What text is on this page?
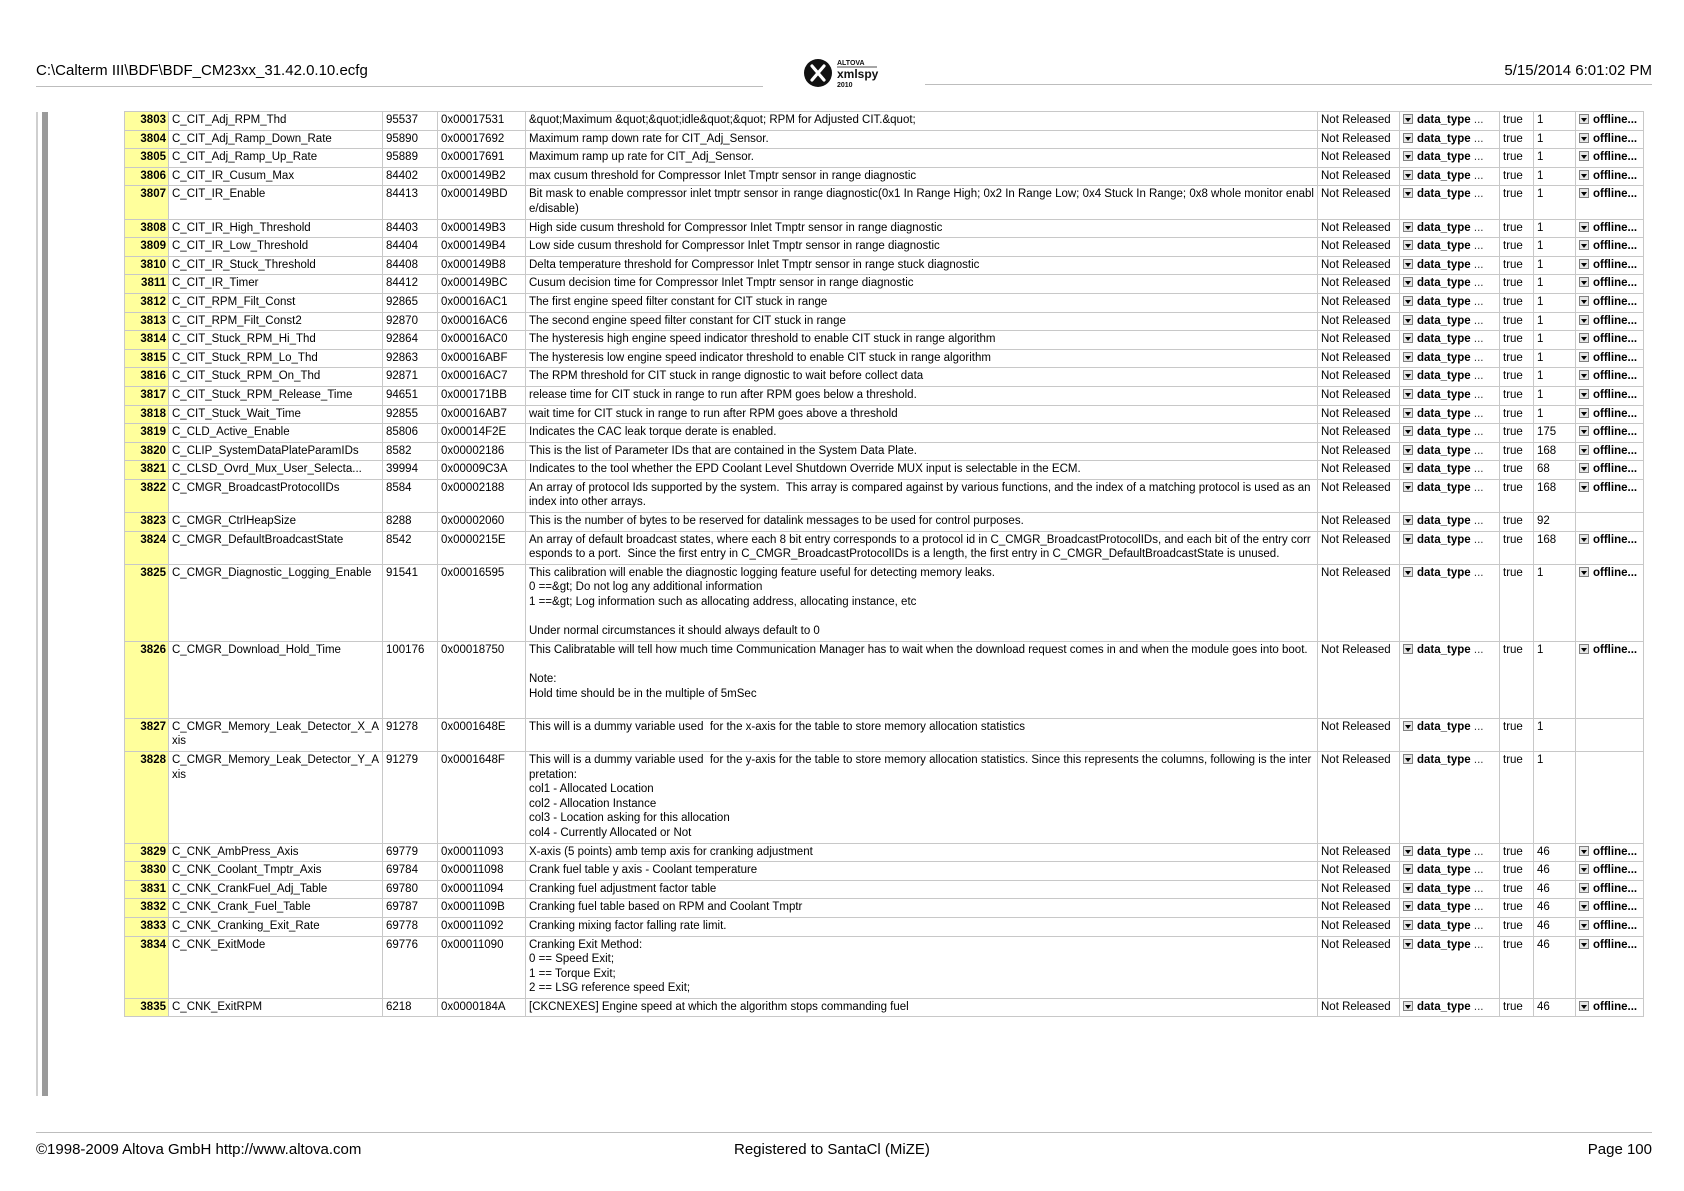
C:\Calterm III\BDF\BDF_CM23xx_31.42.0.10.ecfg	ALTOVA
xmlspy
2010
5/15/2014 6:01:02 PM
3803	C_CIT_Adj_RPM_Thd	95537	0x00017531	&quot;Maximum &quot;&quot;idle&quot;&quot; RPM for Adjusted CIT.&quot;	Not Released	data_type ...	true	1	offline...
3804	C_CIT_Adj_Ramp_Down_Rate	95890	0x00017692	Maximum ramp down rate for CIT_Adj_Sensor.	Not Released	data_type ...	true	1	offline...
3805	C_CIT_Adj_Ramp_Up_Rate	95889	0x00017691	Maximum ramp up rate for CIT_Adj_Sensor.	Not Released	data_type ...	true	1	offline...
3806	C_CIT_IR_Cusum_Max	84402	0x000149B2	max cusum threshold for Compressor Inlet Tmptr sensor in range diagnostic	Not Released	data_type ...	true	1	offline...
3807	C_CIT_IR_Enable	84413	0x000149BD	Bit mask to enable compressor inlet tmptr sensor in range diagnostic(0x1 In Range High; 0x2 In Range Low; 0x4 Stuck In Range; 0x8 whole monitor enable/disable)	Not Released	data_type ...	true	1	offline...
3808	C_CIT_IR_High_Threshold	84403	0x000149B3	High side cusum threshold for Compressor Inlet Tmptr sensor in range diagnostic	Not Released	data_type ...	true	1	offline...
3809	C_CIT_IR_Low_Threshold	84404	0x000149B4	Low side cusum threshold for Compressor Inlet Tmptr sensor in range diagnostic	Not Released	data_type ...	true	1	offline...
3810	C_CIT_IR_Stuck_Threshold	84408	0x000149B8	Delta temperature threshold for Compressor Inlet Tmptr sensor in range stuck diagnostic	Not Released	data_type ...	true	1	offline...
3811	C_CIT_IR_Timer	84412	0x000149BC	Cusum decision time for Compressor Inlet Tmptr sensor in range diagnostic	Not Released	data_type ...	true	1	offline...
3812	C_CIT_RPM_Filt_Const	92865	0x00016AC1	The first engine speed filter constant for CIT stuck in range	Not Released	data_type ...	true	1	offline...
3813	C_CIT_RPM_Filt_Const2	92870	0x00016AC6	The second engine speed filter constant for CIT stuck in range	Not Released	data_type ...	true	1	offline...
3814	C_CIT_Stuck_RPM_Hi_Thd	92864	0x00016AC0	The hysteresis high engine speed indicator threshold to enable CIT stuck in range algorithm	Not Released	data_type ...	true	1	offline...
3815	C_CIT_Stuck_RPM_Lo_Thd	92863	0x00016ABF	The hysteresis low engine speed indicator threshold to enable CIT stuck in range algorithm	Not Released	data_type ...	true	1	offline...
3816	C_CIT_Stuck_RPM_On_Thd	92871	0x00016AC7	The RPM threshold for CIT stuck in range dignostic to wait before collect data	Not Released	data_type ...	true	1	offline...
3817	C_CIT_Stuck_RPM_Release_Time	94651	0x000171BB	release time for CIT stuck in range to run after RPM goes below a threshold.	Not Released	data_type ...	true	1	offline...
3818	C_CIT_Stuck_Wait_Time	92855	0x00016AB7	wait time for CIT stuck in range to run after RPM goes above a threshold	Not Released	data_type ...	true	1	offline...
3819	C_CLD_Active_Enable	85806	0x00014F2E	Indicates the CAC leak torque derate is enabled.	Not Released	data_type ...	true	175	offline...
3820	C_CLIP_SystemDataPlateParamIDs	8582	0x00002186	This is the list of Parameter IDs that are contained in the System Data Plate.	Not Released	data_type ...	true	168	offline...
3821	C_CLSD_Ovrd_Mux_User_Selecta...	39994	0x00009C3A	Indicates to the tool whether the EPD Coolant Level Shutdown Override MUX input is selectable in the ECM.	Not Released	data_type ...	true	68	offline...
3822	C_CMGR_BroadcastProtocolIDs	8584	0x00002188	An array of protocol Ids supported by the system.  This array is compared against by various functions, and the index of a matching protocol is used as an index into other arrays.	Not Released	data_type ...	true	168	offline...
3823	C_CMGR_CtrlHeapSize	8288	0x00002060	This is the number of bytes to be reserved for datalink messages to be used for control purposes.	Not Released	data_type ...	true	92	
3824	C_CMGR_DefaultBroadcastState	8542	0x0000215E	An array of default broadcast states, where each 8 bit entry corresponds to a protocol id in C_CMGR_BroadcastProtocolIDs, and each bit of the entry corresponds to a port.  Since the first entry in C_CMGR_BroadcastProtocolIDs is a length, the first entry in C_CMGR_DefaultBroadcastState is unused.	Not Released	data_type ...	true	168	offline...
3825	C_CMGR_Diagnostic_Logging_Enable	91541	0x00016595	This calibration will enable the diagnostic logging feature useful for detecting memory leaks.
0 ==&gt; Do not log any additional information
1 ==&gt; Log information such as allocating address, allocating instance, etc

Under normal circumstances it should always default to 0	Not Released	data_type ...	true	1	offline...
3826	C_CMGR_Download_Hold_Time	100176	0x00018750	This Calibratable will tell how much time Communication Manager has to wait when the download request comes in and when the module goes into boot.

Note:
Hold time should be in the multiple of 5mSec	Not Released	data_type ...	true	1	offline...
3827	C_CMGR_Memory_Leak_Detector_X_Axis	91278	0x0001648E	This will is a dummy variable used  for the x-axis for the table to store memory allocation statistics	Not Released	data_type ...	true	1	
3828	C_CMGR_Memory_Leak_Detector_Y_Axis	91279	0x0001648F	This will is a dummy variable used  for the y-axis for the table to store memory allocation statistics. Since this represents the columns, following is the interpretation:
col1 - Allocated Location
col2 - Allocation Instance
col3 - Location asking for this allocation
col4 - Currently Allocated or Not	Not Released	data_type ...	true	1	
3829	C_CNK_AmbPress_Axis	69779	0x00011093	X-axis (5 points) amb temp axis for cranking adjustment	Not Released	data_type ...	true	46	offline...
3830	C_CNK_Coolant_Tmptr_Axis	69784	0x00011098	Crank fuel table y axis - Coolant temperature	Not Released	data_type ...	true	46	offline...
3831	C_CNK_CrankFuel_Adj_Table	69780	0x00011094	Cranking fuel adjustment factor table	Not Released	data_type ...	true	46	offline...
3832	C_CNK_Crank_Fuel_Table	69787	0x0001109B	Cranking fuel table based on RPM and Coolant Tmptr	Not Released	data_type ...	true	46	offline...
3833	C_CNK_Cranking_Exit_Rate	69778	0x00011092	Cranking mixing factor falling rate limit.	Not Released	data_type ...	true	46	offline...
3834	C_CNK_ExitMode	69776	0x00011090	Cranking Exit Method:
0 == Speed Exit;
1 == Torque Exit;
2 == LSG reference speed Exit;	Not Released	data_type ...	true	46	offline...
3835	C_CNK_ExitRPM	6218	0x0000184A	[CKCNEXES] Engine speed at which the algorithm stops commanding fuel	Not Released	data_type ...	true	46	offline...
©1998-2009 Altova GmbH http://www.altova.com	Registered to SantaCl (MiZE)	Page 100
